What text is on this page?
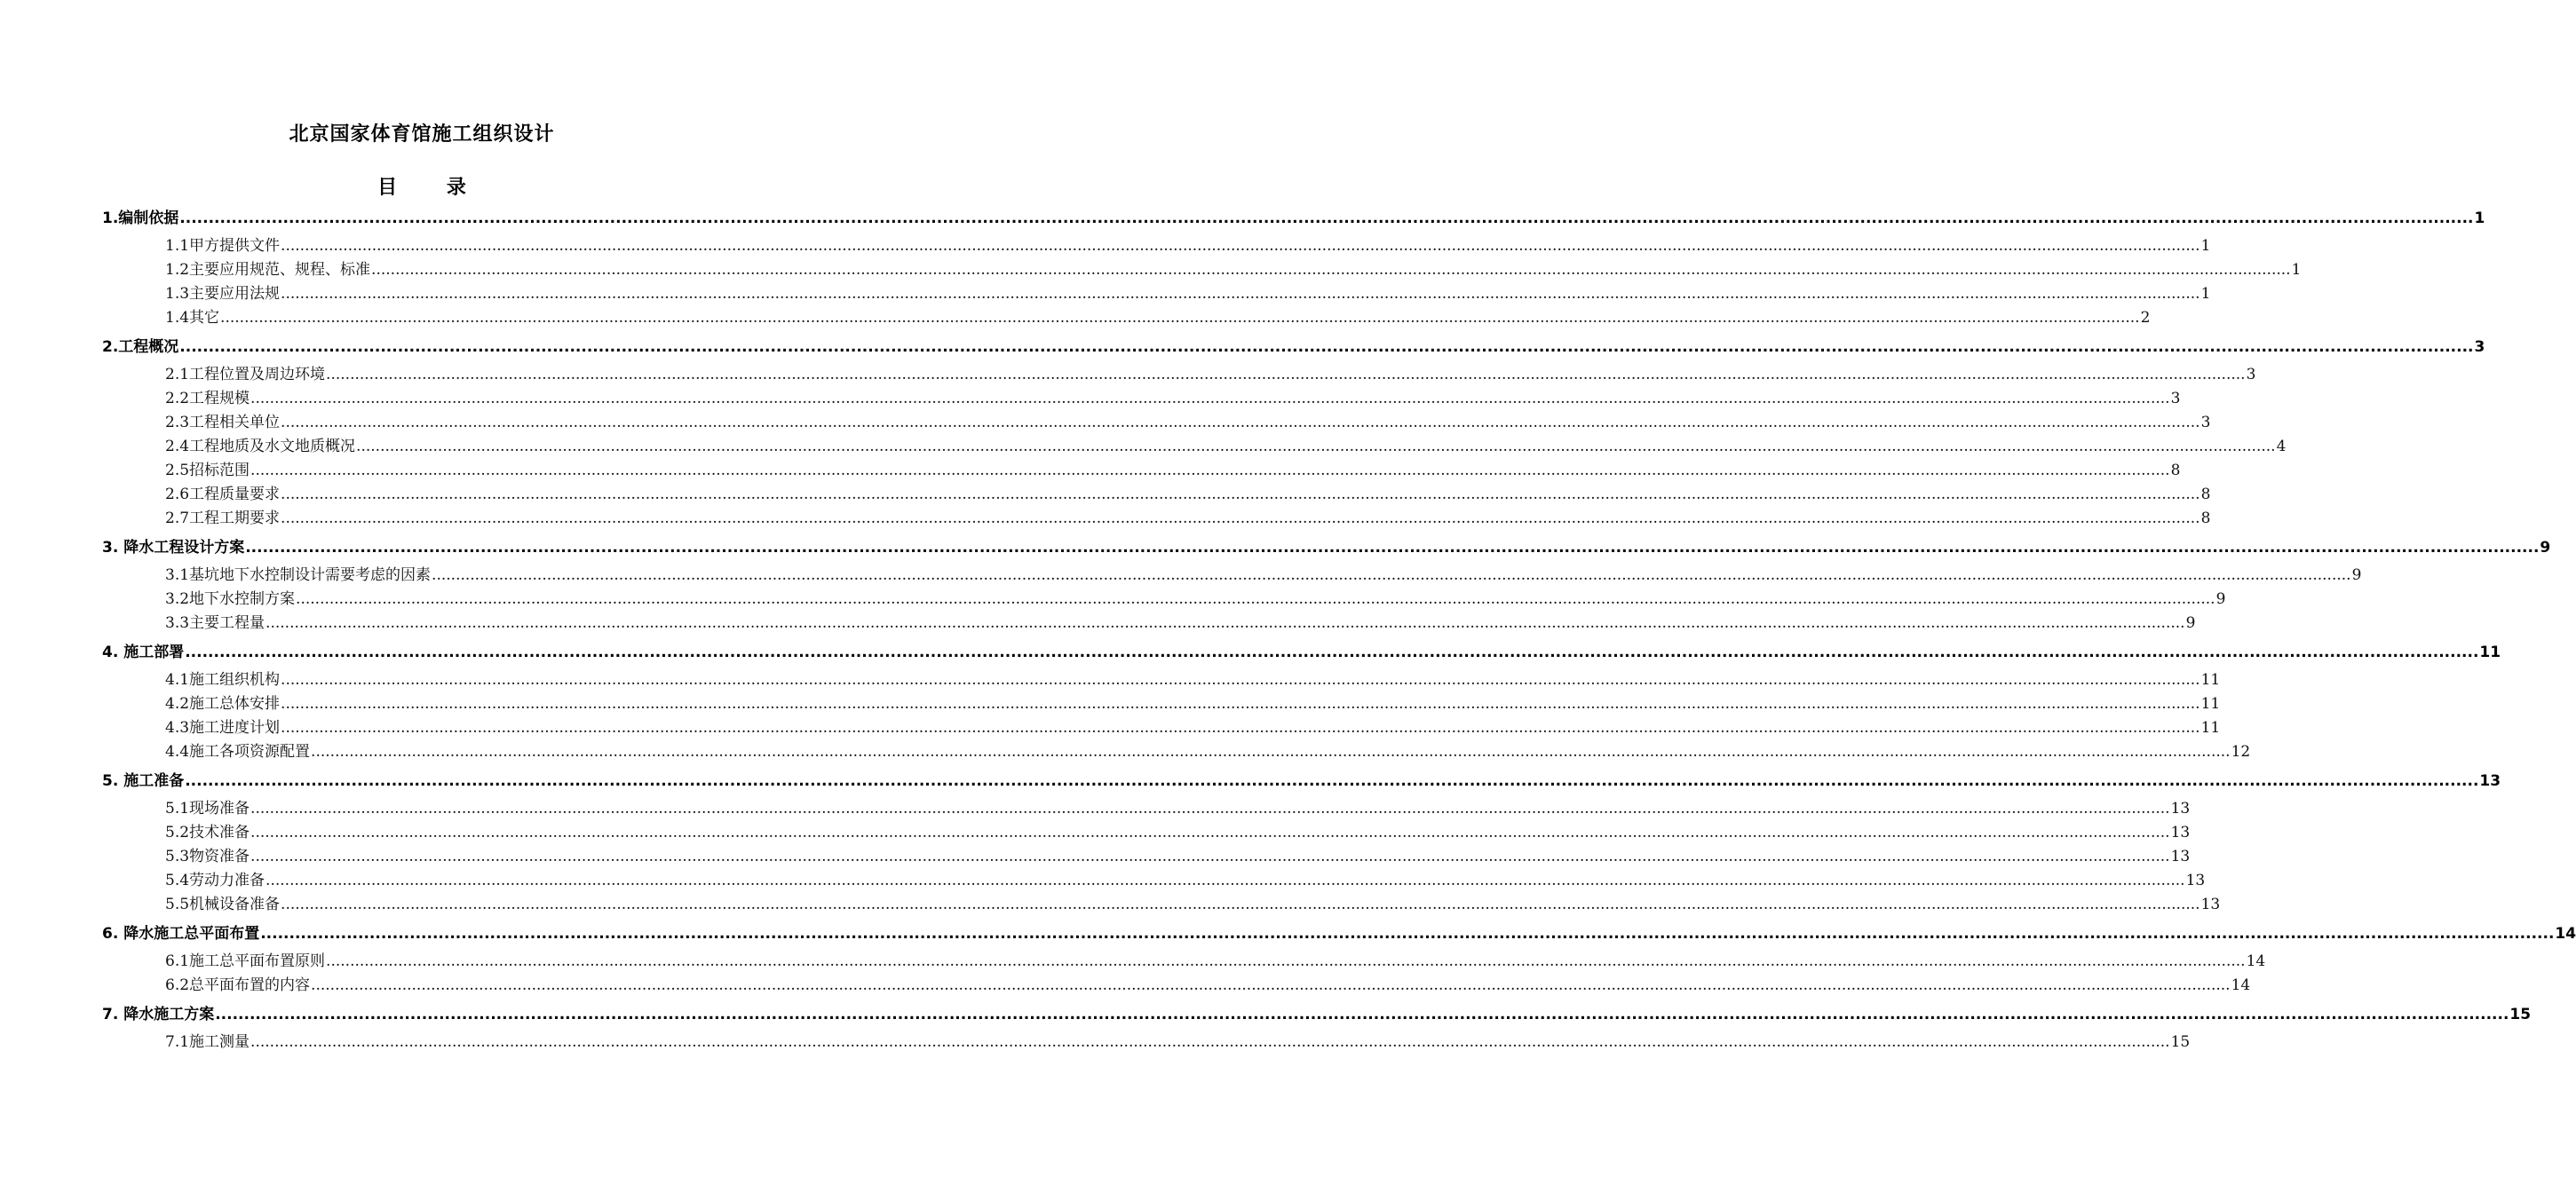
北京国家体育馆施工组织设计
目 录
1.编制依据 ................................................................................................................................................................................................................................................................................................................................................................................................................ 1
1.1甲方提供文件 ................................................................................................................................................................................................................................................................................................................................................................................................................ 1
1.2主要应用规范、规程、标准 ................................................................................................................................................................................................................................................................................................................................................................................................................ 1
1.3主要应用法规 ................................................................................................................................................................................................................................................................................................................................................................................................................ 1
1.4其它 ................................................................................................................................................................................................................................................................................................................................................................................................................ 2
2.工程概况 ................................................................................................................................................................................................................................................................................................................................................................................................................ 3
2.1工程位置及周边环境 ................................................................................................................................................................................................................................................................................................................................................................................................................ 3
2.2工程规模 ................................................................................................................................................................................................................................................................................................................................................................................................................ 3
2.3工程相关单位 ................................................................................................................................................................................................................................................................................................................................................................................................................ 3
2.4工程地质及水文地质概况 ................................................................................................................................................................................................................................................................................................................................................................................................................ 4
2.5招标范围 ................................................................................................................................................................................................................................................................................................................................................................................................................ 8
2.6工程质量要求 ................................................................................................................................................................................................................................................................................................................................................................................................................ 8
2.7工程工期要求 ................................................................................................................................................................................................................................................................................................................................................................................................................ 8
3. 降水工程设计方案 ................................................................................................................................................................................................................................................................................................................................................................................................................ 9
3.1基坑地下水控制设计需要考虑的因素 ................................................................................................................................................................................................................................................................................................................................................................................................................ 9
3.2地下水控制方案 ................................................................................................................................................................................................................................................................................................................................................................................................................ 9
3.3主要工程量 ................................................................................................................................................................................................................................................................................................................................................................................................................ 9
4. 施工部署 ................................................................................................................................................................................................................................................................................................................................................................................................................ 11
4.1施工组织机构 ................................................................................................................................................................................................................................................................................................................................................................................................................ 11
4.2施工总体安排 ................................................................................................................................................................................................................................................................................................................................................................................................................ 11
4.3施工进度计划 ................................................................................................................................................................................................................................................................................................................................................................................................................ 11
4.4施工各项资源配置 ................................................................................................................................................................................................................................................................................................................................................................................................................ 12
5. 施工准备 ................................................................................................................................................................................................................................................................................................................................................................................................................ 13
5.1现场准备 ................................................................................................................................................................................................................................................................................................................................................................................................................ 13
5.2技术准备 ................................................................................................................................................................................................................................................................................................................................................................................................................ 13
5.3物资准备 ................................................................................................................................................................................................................................................................................................................................................................................................................ 13
5.4劳动力准备 ................................................................................................................................................................................................................................................................................................................................................................................................................ 13
5.5机械设备准备 ................................................................................................................................................................................................................................................................................................................................................................................................................ 13
6. 降水施工总平面布置 ................................................................................................................................................................................................................................................................................................................................................................................................................ 14
6.1施工总平面布置原则 ................................................................................................................................................................................................................................................................................................................................................................................................................ 14
6.2总平面布置的内容 ................................................................................................................................................................................................................................................................................................................................................................................................................ 14
7. 降水施工方案 ................................................................................................................................................................................................................................................................................................................................................................................................................ 15
7.1施工测量 ................................................................................................................................................................................................................................................................................................................................................................................................................ 15
